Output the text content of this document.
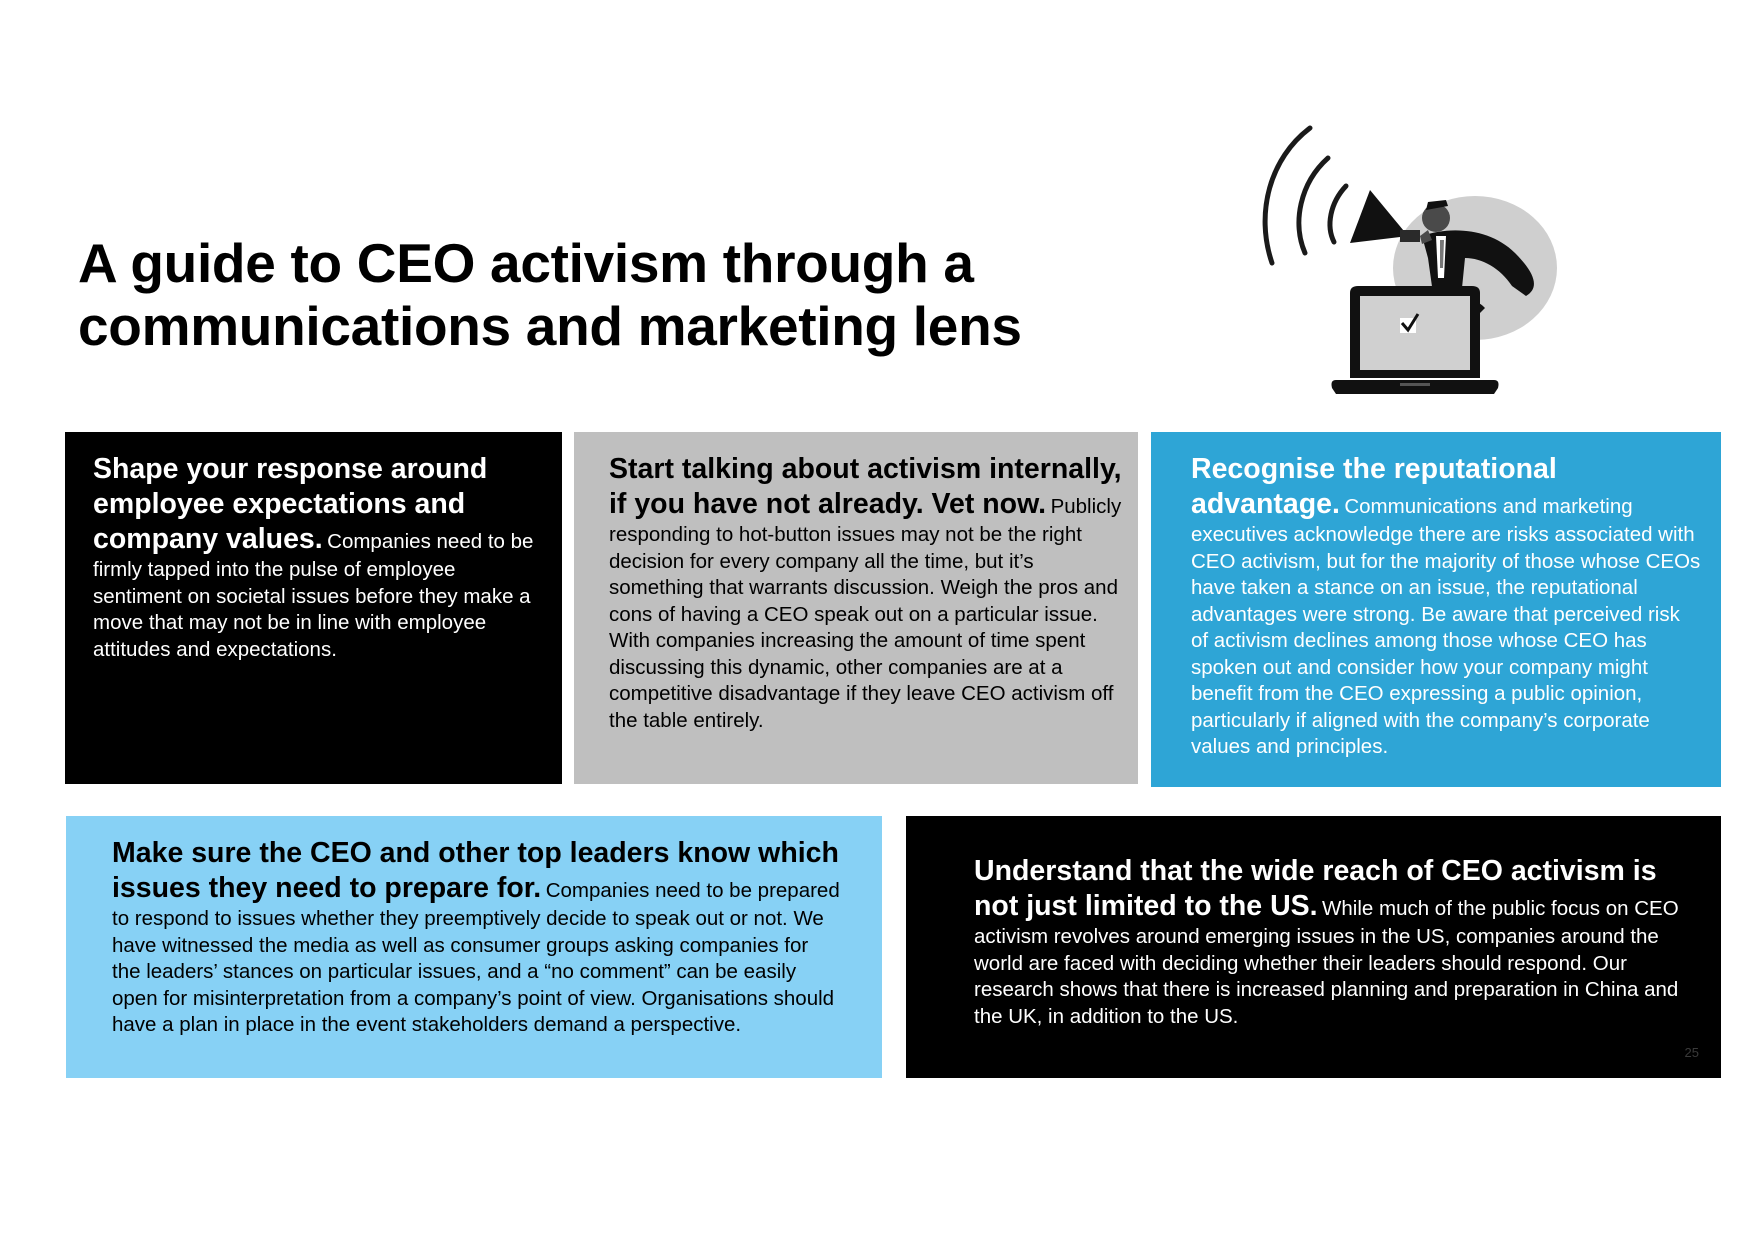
A guide to CEO activism through a communications and marketing lens

Shape your response around employee expectations and company values. Companies need to be firmly tapped into the pulse of employee sentiment on societal issues before they make a move that may not be in line with employee attitudes and expectations.

Start talking about activism internally, if you have not already. Vet now. Publicly responding to hot-button issues may not be the right decision for every company all the time, but it’s something that warrants discussion. Weigh the pros and cons of having a CEO speak out on a particular issue. With companies increasing the amount of time spent discussing this dynamic, other companies are at a competitive disadvantage if they leave CEO activism off the table entirely.

Recognise the reputational advantage. Communications and marketing executives acknowledge there are risks associated with CEO activism, but for the majority of those whose CEOs have taken a stance on an issue, the reputational advantages were strong. Be aware that perceived risk of activism declines among those whose CEO has spoken out and consider how your company might benefit from the CEO expressing a public opinion, particularly if aligned with the company’s corporate values and principles.

Make sure the CEO and other top leaders know which issues they need to prepare for. Companies need to be prepared to respond to issues whether they preemptively decide to speak out or not. We have witnessed the media as well as consumer groups asking companies for the leaders’ stances on particular issues, and a “no comment” can be easily open for misinterpretation from a company’s point of view. Organisations should have a plan in place in the event stakeholders demand a perspective.

Understand that the wide reach of CEO activism is not just limited to the US. While much of the public focus on CEO activism revolves around emerging issues in the US, companies around the world are faced with deciding whether their leaders should respond. Our research shows that there is increased planning and preparation in China and the UK, in addition to the US.

25
